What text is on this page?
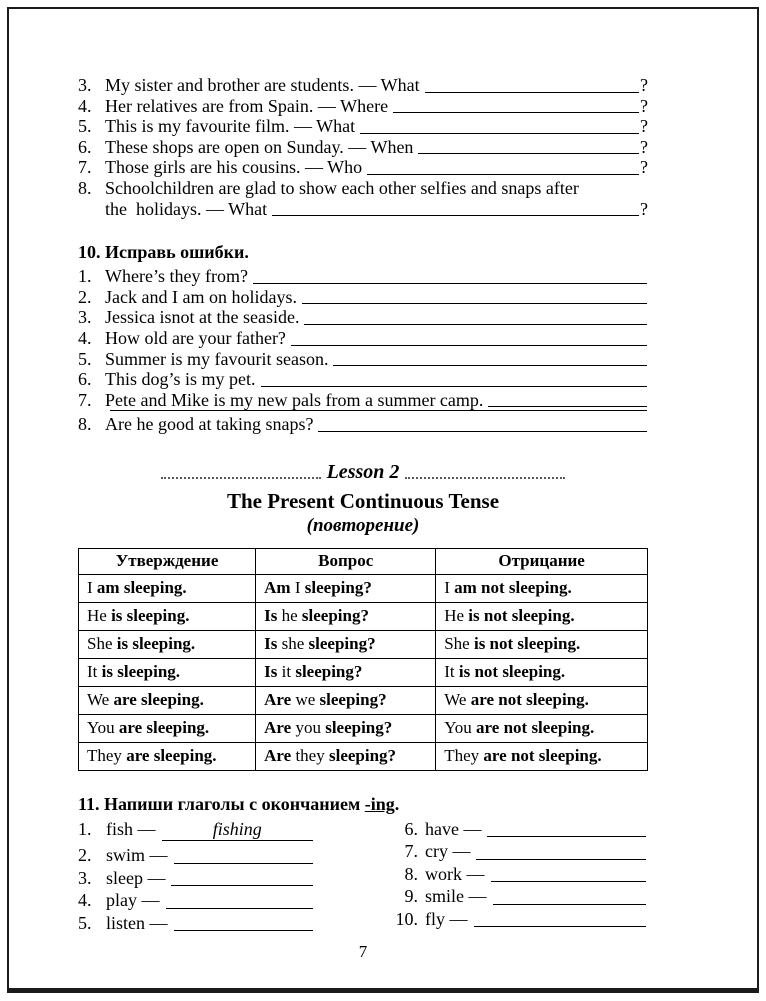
3. My sister and brother are students. — What	?
4. Her relatives are from Spain. — Where	?
5. This is my favourite film. — What	?
6. These shops are open on Sunday. — When	?
7. Those girls are his cousins. — Who	?
8. Schoolchildren are glad to show each other selfies and snaps after
the  holidays. — What	?
10. Исправь ошибки.
1. Where’s they from?
2. Jack and I am on holidays.
3. Jessica isnot at the seaside.
4. How old are your father?
5. Summer is my favourit season.
6. This dog’s is my pet.
7. Pete and Mike is my new pals from a summer camp.
8. Are he good at taking snaps?
Lesson 2
The Present Continuous Tense
(повторение)
Утверждение	Вопрос	Отрицание
I am sleeping.	Am I sleeping?	I am not sleeping.
He is sleeping.	Is he sleeping?	He is not sleeping.
She is sleeping.	Is she sleeping?	She is not sleeping.
It is sleeping.	Is it sleeping?	It is not sleeping.
We are sleeping.	Are we sleeping?	We are not sleeping.
You are sleeping.	Are you sleeping?	You are not sleeping.
They are sleeping.	Are they sleeping?	They are not sleeping.
11. Напиши глаголы с окончанием -ing.
1. fish —	fishing
2. swim —
3. sleep —
4. play —
5. listen —
6. have —
7. cry —
8. work —
9. smile —
10. fly —
7
